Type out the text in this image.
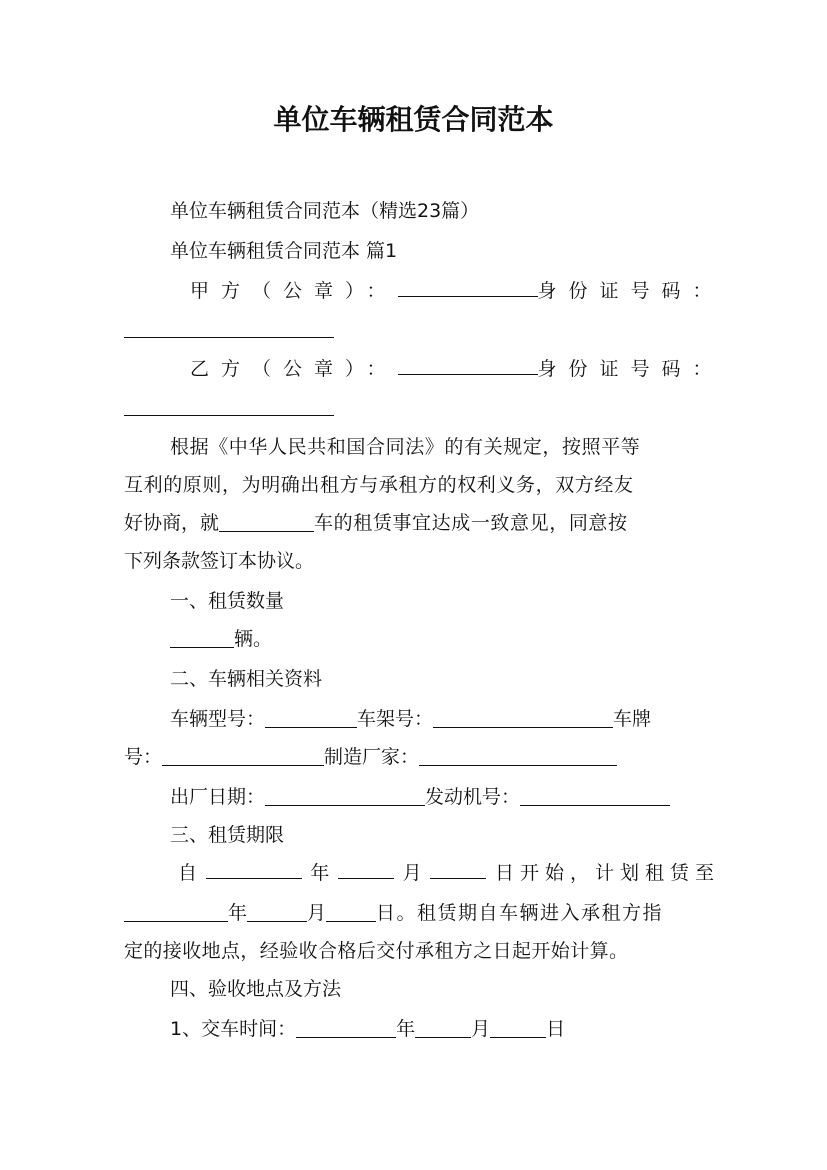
单位车辆租赁合同范本
单位车辆租赁合同范本（精选23篇）
单位车辆租赁合同范本 篇1
甲方（公章）：	身份证号码：
乙方（公章）：	身份证号码：
根据《中华人民共和国合同法》的有关规定，按照平等
互利的原则，为明确出租方与承租方的权利义务，双方经友
好协商，就	车的租赁事宜达成一致意见，同意按
下列条款签订本协议。
一、租赁数量
辆。
二、车辆相关资料
车辆型号：	车架号：	车牌
号：	制造厂家：
出厂日期：	发动机号：
三、租赁期限
自	年	月	日开始，计划租赁至
年	月	日。租赁期自车辆进入承租方指
定的接收地点，经验收合格后交付承租方之日起开始计算。
四、验收地点及方法
1、交车时间：	年	月	日
